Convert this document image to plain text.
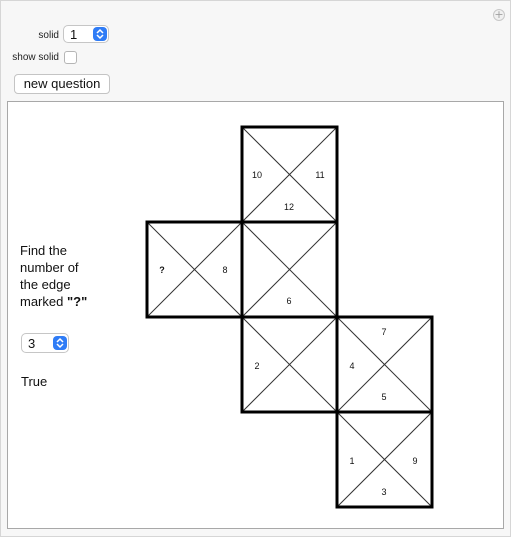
+
solid 1
show solid
new question
Find the
number of
the edge
marked "?"
3
True
10	11
12
?	8
6
2
7
4
5
1	9
3
